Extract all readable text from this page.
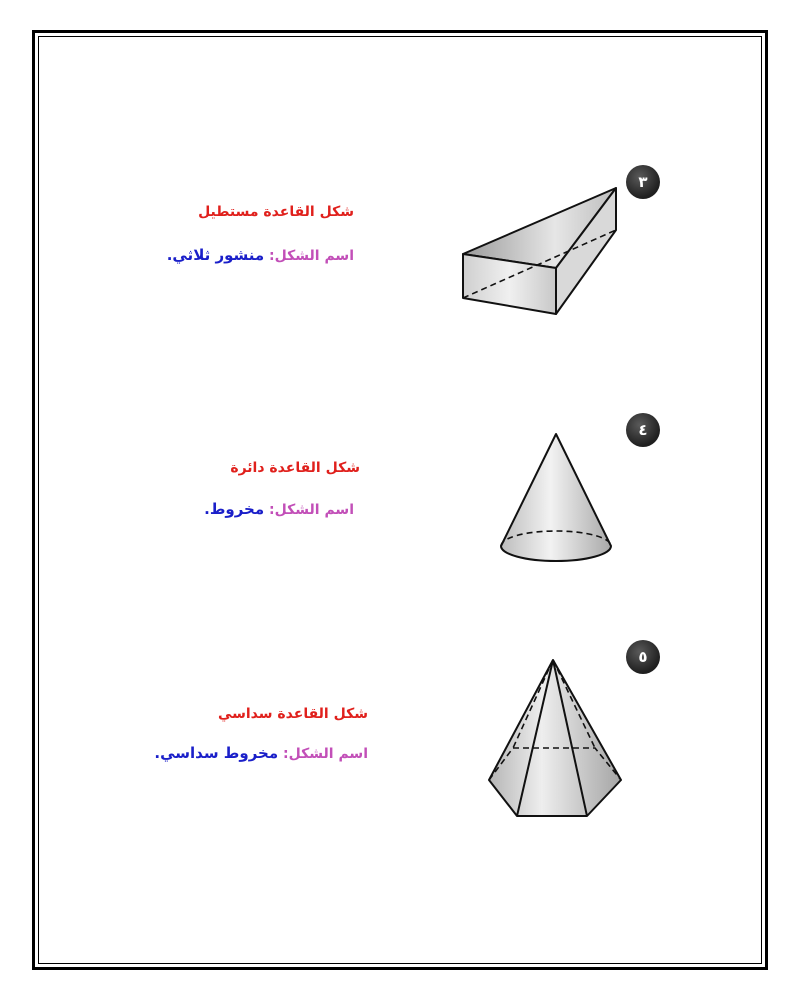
٣
شكل القاعدة مستطيل
اسم الشكل: منشور ثلاثي.
٤
شكل القاعدة دائرة
اسم الشكل: مخروط.
٥
شكل القاعدة سداسي
اسم الشكل: مخروط سداسي.
